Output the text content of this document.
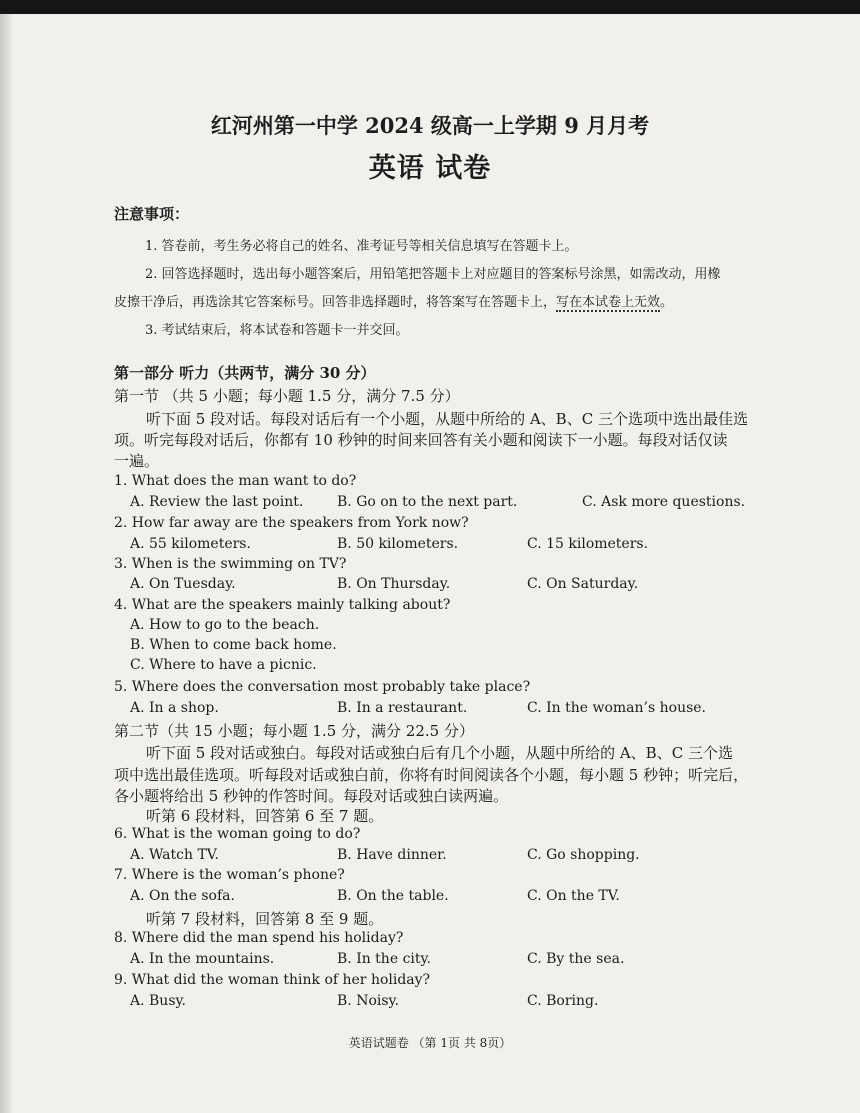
红河州第一中学 2024 级高一上学期 9 月月考
英语 试卷
注意事项：
1. 答卷前，考生务必将自己的姓名、准考证号等相关信息填写在答题卡上。
2. 回答选择题时，选出每小题答案后，用铅笔把答题卡上对应题目的答案标号涂黑，如需改动，用橡
皮擦干净后，再选涂其它答案标号。回答非选择题时，将答案写在答题卡上，写在本试卷上无效。
3. 考试结束后，将本试卷和答题卡一并交回。
第一部分 听力（共两节，满分 30 分）
第一节 （共 5 小题；每小题 1.5 分，满分 7.5 分）
听下面 5 段对话。每段对话后有一个小题，从题中所给的 A、B、C 三个选项中选出最佳选
项。听完每段对话后，你都有 10 秒钟的时间来回答有关小题和阅读下一小题。每段对话仅读
一遍。
1. What does the man want to do?
A. Review the last point. B. Go on to the next part.	C. Ask more questions.
2. How far away are the speakers from York now?
A. 55 kilometers.	B. 50 kilometers.	C. 15 kilometers.
3. When is the swimming on TV?
A. On Tuesday.	B. On Thursday.	C. On Saturday.
4. What are the speakers mainly talking about?
A. How to go to the beach.
B. When to come back home.
C. Where to have a picnic.
5. Where does the conversation most probably take place?
A. In a shop.	B. In a restaurant.	C. In the woman’s house.
第二节（共 15 小题；每小题 1.5 分，满分 22.5 分）
听下面 5 段对话或独白。每段对话或独白后有几个小题，从题中所给的 A、B、C 三个选
项中选出最佳选项。听每段对话或独白前，你将有时间阅读各个小题，每小题 5 秒钟；听完后，
各小题将给出 5 秒钟的作答时间。每段对话或独白读两遍。
听第 6 段材料，回答第 6 至 7 题。
6. What is the woman going to do?
A. Watch TV.	B. Have dinner.	C. Go shopping.
7. Where is the woman’s phone?
A. On the sofa.	B. On the table.	C. On the TV.
听第 7 段材料，回答第 8 至 9 题。
8. Where did the man spend his holiday?
A. In the mountains.	B. In the city.	C. By the sea.
9. What did the woman think of her holiday?
A. Busy.	B. Noisy.	C. Boring.
英语试题卷 （第 1页 共 8页）
